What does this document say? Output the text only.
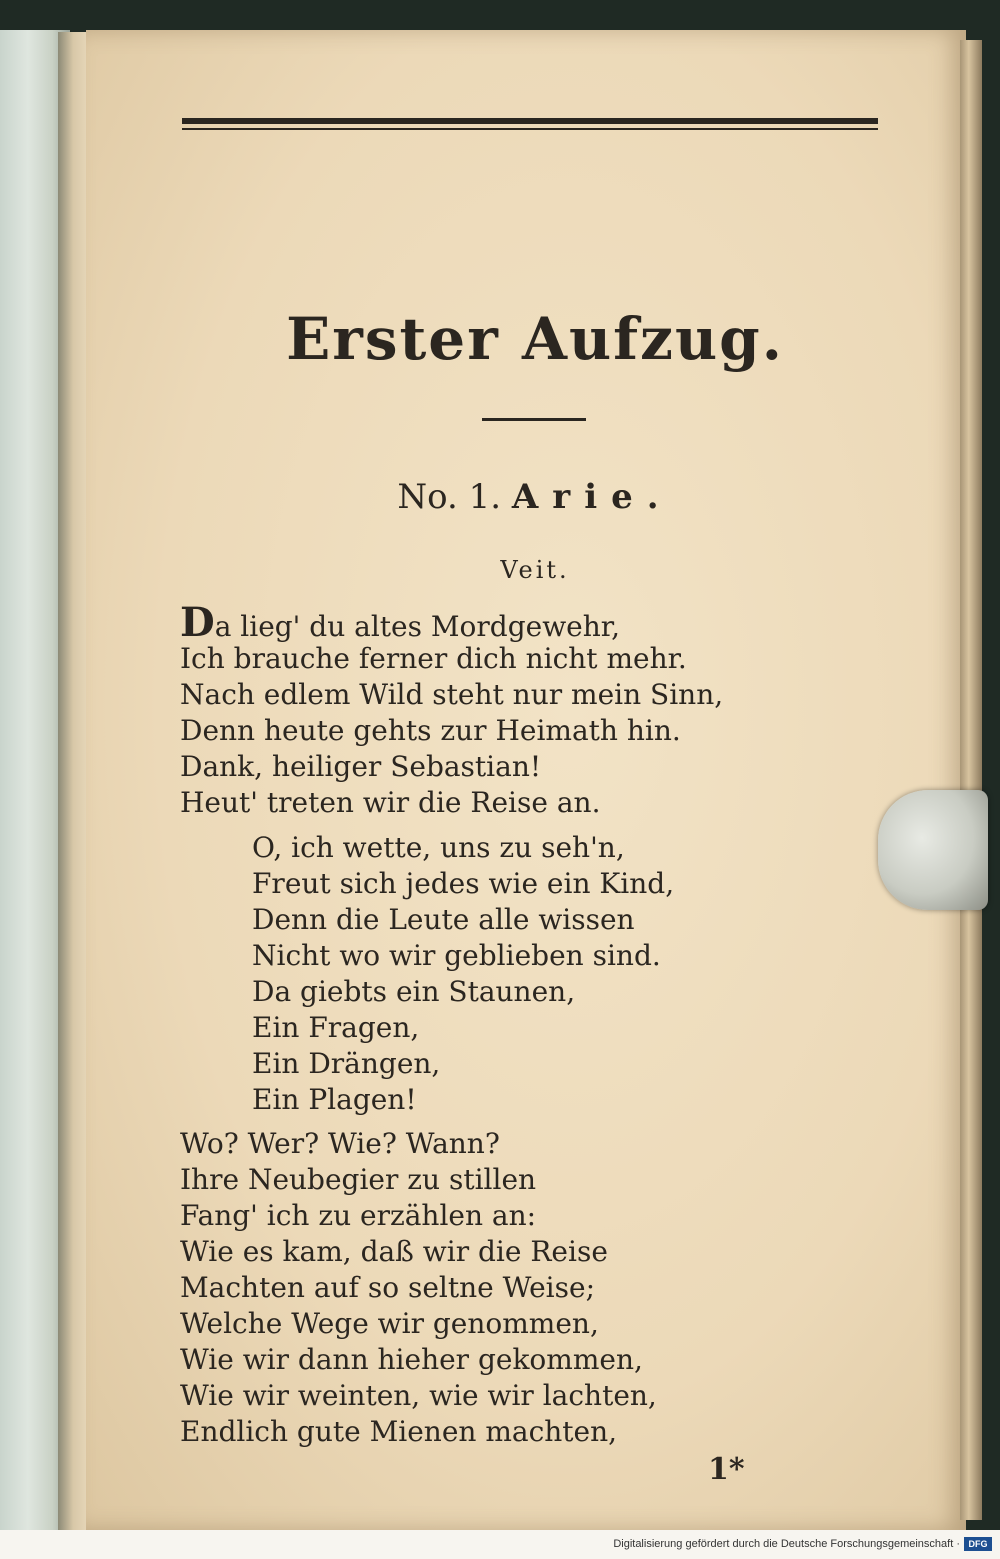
Erster Aufzug.
No. 1. Arie.
Veit.
Da lieg' du altes Mordgewehr,
Ich brauche ferner dich nicht mehr.
Nach edlem Wild steht nur mein Sinn,
Denn heute gehts zur Heimath hin.
Dank, heiliger Sebastian!
Heut' treten wir die Reise an.
O, ich wette, uns zu seh'n,
Freut sich jedes wie ein Kind,
Denn die Leute alle wissen
Nicht wo wir geblieben sind.
Da giebts ein Staunen,
Ein Fragen,
Ein Drängen,
Ein Plagen!
Wo? Wer? Wie? Wann?
Ihre Neubegier zu stillen
Fang' ich zu erzählen an:
Wie es kam, daß wir die Reise
Machten auf so seltne Weise;
Welche Wege wir genommen,
Wie wir dann hieher gekommen,
Wie wir weinten, wie wir lachten,
Endlich gute Mienen machten,
1*
Digitalisierung gefördert durch die Deutsche Forschungsgemeinschaft · DFG
